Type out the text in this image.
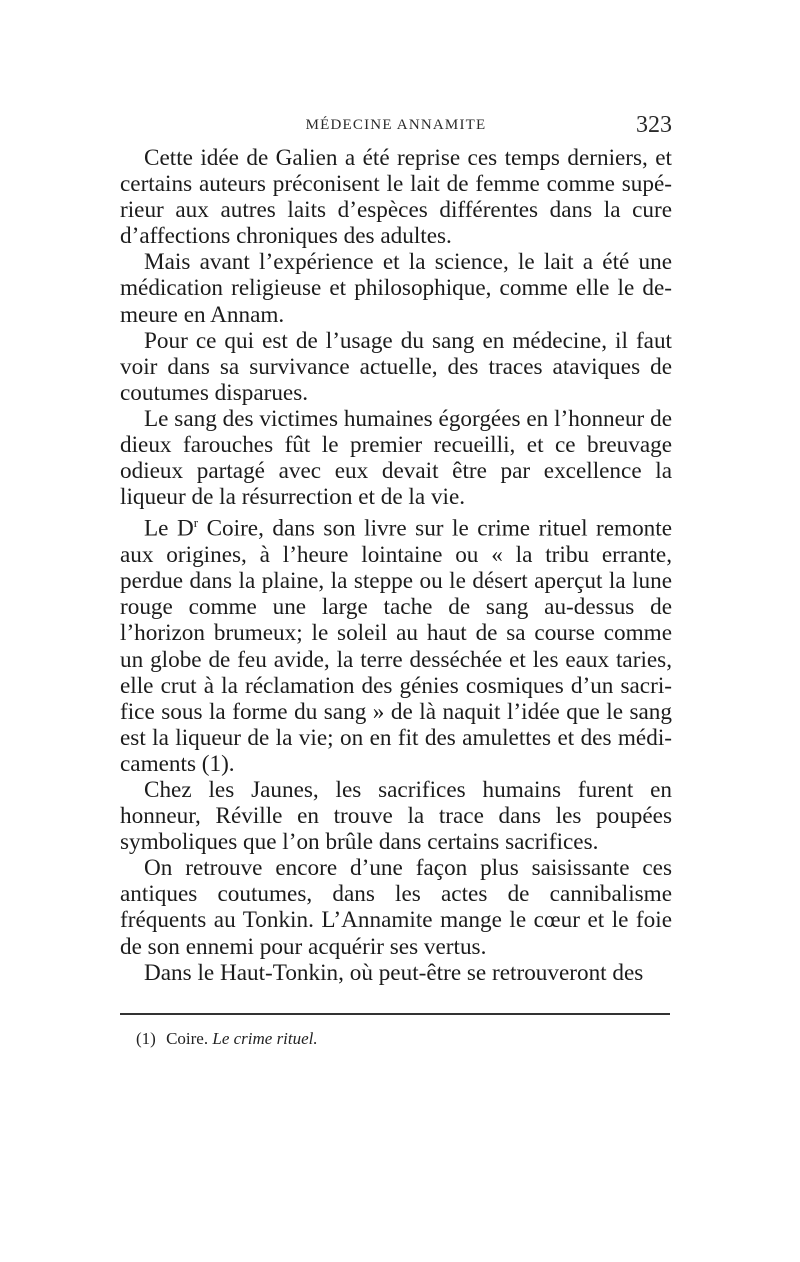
MÉDECINE ANNAMITE	323

Cette idée de Galien a été reprise ces temps derniers, et certains auteurs préconisent le lait de femme comme supérieur aux autres laits d’espèces différentes dans la cure d’affections chroniques des adultes.

Mais avant l’expérience et la science, le lait a été une médication religieuse et philosophique, comme elle le demeure en Annam.

Pour ce qui est de l’usage du sang en médecine, il faut voir dans sa survivance actuelle, des traces ataviques de coutumes disparues.

Le sang des victimes humaines égorgées en l’honneur de dieux farouches fût le premier recueilli, et ce breuvage odieux partagé avec eux devait être par excellence la liqueur de la résurrection et de la vie.

Le $D^r$ Coire, dans son livre sur le crime rituel remonte aux origines, à l’heure lointaine ou « la tribu errante, perdue dans la plaine, la steppe ou le désert aperçut la lune rouge comme une large tache de sang au-dessus de l’horizon brumeux; le soleil au haut de sa course comme un globe de feu avide, la terre desséchée et les eaux taries, elle crut à la réclamation des génies cosmiques d’un sacrifice sous la forme du sang » de là naquit l’idée que le sang est la liqueur de la vie; on en fit des amulettes et des médicaments (1).

Chez les Jaunes, les sacrifices humains furent en honneur, Réville en trouve la trace dans les poupées symboliques que l’on brûle dans certains sacrifices.

On retrouve encore d’une façon plus saisissante ces antiques coutumes, dans les actes de cannibalisme fréquents au Tonkin. L’Annamite mange le cœur et le foie de son ennemi pour acquérir ses vertus.

Dans le Haut-Tonkin, où peut-être se retrouveront des

(1) Coire. Le crime rituel.
